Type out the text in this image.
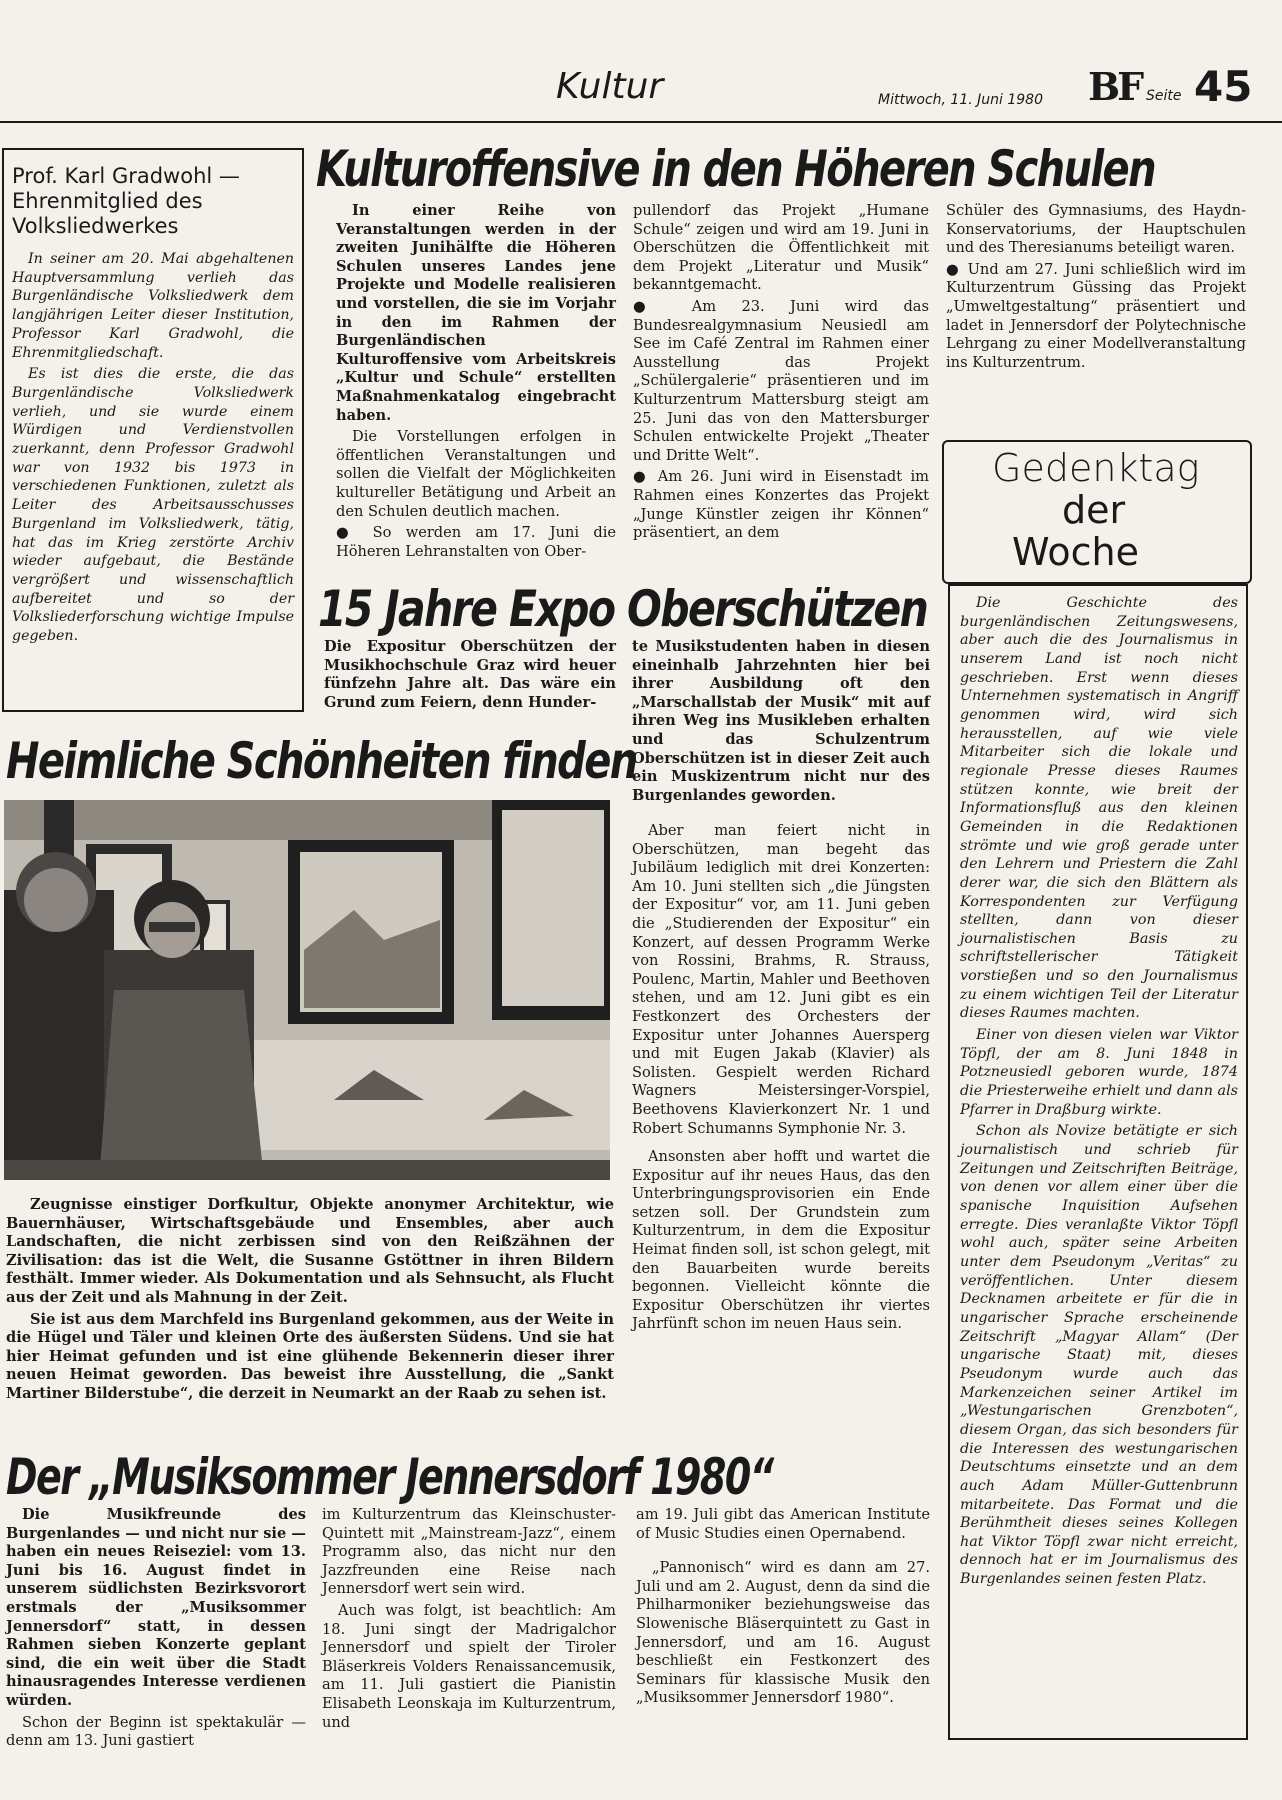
Kultur	Mittwoch, 11. Juni 1980 BF Seite 45
Prof. Karl Gradwohl — Ehrenmitglied des Volksliedwerkes

In seiner am 20. Mai abgehaltenen Hauptversammlung verlieh das Burgenländische Volksliedwerk dem langjährigen Leiter dieser Institution, Professor Karl Gradwohl, die Ehrenmitgliedschaft.

Es ist dies die erste, die das Burgenländische Volksliedwerk verlieh, und sie wurde einem Würdigen und Verdienstvollen zuerkannt, denn Professor Gradwohl war von 1932 bis 1973 in verschiedenen Funktionen, zuletzt als Leiter des Arbeitsausschusses Burgenland im Volksliedwerk, tätig, hat das im Krieg zerstörte Archiv wieder aufgebaut, die Bestände vergrößert und wissenschaftlich aufbereitet und so der Volksliederforschung wichtige Impulse gegeben.

Kulturoffensive in den Höheren Schulen

In einer Reihe von Veranstaltungen werden in der zweiten Junihälfte die Höheren Schulen unseres Landes jene Projekte und Modelle realisieren und vorstellen, die sie im Vorjahr in den im Rahmen der Burgenländischen Kulturoffensive vom Arbeitskreis „Kultur und Schule“ erstellten Maßnahmenkatalog eingebracht haben.

Die Vorstellungen erfolgen in öffentlichen Veranstaltungen und sollen die Vielfalt der Möglichkeiten kultureller Betätigung und Arbeit an den Schulen deutlich machen.

● So werden am 17. Juni die Höheren Lehranstalten von Ober-

pullendorf das Projekt „Humane Schule“ zeigen und wird am 19. Juni in Oberschützen die Öffentlichkeit mit dem Projekt „Literatur und Musik“ bekanntgemacht.

● Am 23. Juni wird das Bundesrealgymnasium Neusiedl am See im Café Zentral im Rahmen einer Ausstellung das Projekt „Schülergalerie“ präsentieren und im Kulturzentrum Mattersburg steigt am 25. Juni das von den Mattersburger Schulen entwickelte Projekt „Theater und Dritte Welt“.

● Am 26. Juni wird in Eisenstadt im Rahmen eines Konzertes das Projekt „Junge Künstler zeigen ihr Können“ präsentiert, an dem

Schüler des Gymnasiums, des Haydn-Konservatoriums, der Hauptschulen und des Theresianums beteiligt waren.

● Und am 27. Juni schließlich wird im Kulturzentrum Güssing das Projekt „Umweltgestaltung“ präsentiert und ladet in Jennersdorf der Polytechnische Lehrgang zu einer Modellveranstaltung ins Kulturzentrum.

Gedenktag
der
Woche

Die Geschichte des burgenländischen Zeitungswesens, aber auch die des Journalismus in unserem Land ist noch nicht geschrieben. Erst wenn dieses Unternehmen systematisch in Angriff genommen wird, wird sich herausstellen, auf wie viele Mitarbeiter sich die lokale und regionale Presse dieses Raumes stützen konnte, wie breit der Informationsfluß aus den kleinen Gemeinden in die Redaktionen strömte und wie groß gerade unter den Lehrern und Priestern die Zahl derer war, die sich den Blättern als Korrespondenten zur Verfügung stellten, dann von dieser journalistischen Basis zu schriftstellerischer Tätigkeit vorstießen und so den Journalismus zu einem wichtigen Teil der Literatur dieses Raumes machten.

Einer von diesen vielen war Viktor Töpfl, der am 8. Juni 1848 in Potzneusiedl geboren wurde, 1874 die Priesterweihe erhielt und dann als Pfarrer in Draßburg wirkte.

Schon als Novize betätigte er sich journalistisch und schrieb für Zeitungen und Zeitschriften Beiträge, von denen vor allem einer über die spanische Inquisition Aufsehen erregte. Dies veranlaßte Viktor Töpfl wohl auch, später seine Arbeiten unter dem Pseudonym „Veritas“ zu veröffentlichen. Unter diesem Decknamen arbeitete er für die in ungarischer Sprache erscheinende Zeitschrift „Magyar Allam“ (Der ungarische Staat) mit, dieses Pseudonym wurde auch das Markenzeichen seiner Artikel im „Westungarischen Grenzboten“, diesem Organ, das sich besonders für die Interessen des westungarischen Deutschtums einsetzte und an dem auch Adam Müller-Guttenbrunn mitarbeitete. Das Format und die Berühmtheit dieses seines Kollegen hat Viktor Töpfl zwar nicht erreicht, dennoch hat er im Journalismus des Burgenlandes seinen festen Platz.

15 Jahre Expo Oberschützen
Die Expositur Oberschützen der Musikhochschule Graz wird heuer fünfzehn Jahre alt. Das wäre ein Grund zum Feiern, denn Hunder-
te Musikstudenten haben in diesen eineinhalb Jahrzehnten hier bei ihrer Ausbildung oft den „Marschallstab der Musik“ mit auf ihren Weg ins Musikleben erhalten und das Schulzentrum Oberschützen ist in dieser Zeit auch ein Muskizentrum nicht nur des Burgenlandes geworden.

Aber man feiert nicht in Oberschützen, man begeht das Jubiläum lediglich mit drei Konzerten: Am 10. Juni stellten sich „die Jüngsten der Expositur“ vor, am 11. Juni geben die „Studierenden der Expositur“ ein Konzert, auf dessen Programm Werke von Rossini, Brahms, R. Strauss, Poulenc, Martin, Mahler und Beethoven stehen, und am 12. Juni gibt es ein Festkonzert des Orchesters der Expositur unter Johannes Auersperg und mit Eugen Jakab (Klavier) als Solisten. Gespielt werden Richard Wagners Meistersinger-Vorspiel, Beethovens Klavierkonzert Nr. 1 und Robert Schumanns Symphonie Nr. 3.

Ansonsten aber hofft und wartet die Expositur auf ihr neues Haus, das den Unterbringungsprovisorien ein Ende setzen soll. Der Grundstein zum Kulturzentrum, in dem die Expositur Heimat finden soll, ist schon gelegt, mit den Bauarbeiten wurde bereits begonnen. Vielleicht könnte die Expositur Oberschützen ihr viertes Jahrfünft schon im neuen Haus sein.

Heimliche Schönheiten finden

Zeugnisse einstiger Dorfkultur, Objekte anonymer Architektur, wie Bauernhäuser, Wirtschaftsgebäude und Ensembles, aber auch Landschaften, die nicht zerbissen sind von den Reißzähnen der Zivilisation: das ist die Welt, die Susanne Gstöttner in ihren Bildern festhält. Immer wieder. Als Dokumentation und als Sehnsucht, als Flucht aus der Zeit und als Mahnung in der Zeit.

Sie ist aus dem Marchfeld ins Burgenland gekommen, aus der Weite in die Hügel und Täler und kleinen Orte des äußersten Südens. Und sie hat hier Heimat gefunden und ist eine glühende Bekennerin dieser ihrer neuen Heimat geworden. Das beweist ihre Ausstellung, die „Sankt Martiner Bilderstube“, die derzeit in Neumarkt an der Raab zu sehen ist.

Der „Musiksommer Jennersdorf 1980“

Die Musikfreunde des Burgenlandes — und nicht nur sie — haben ein neues Reiseziel: vom 13. Juni bis 16. August findet in unserem südlichsten Bezirksvorort erstmals der „Musiksommer Jennersdorf“ statt, in dessen Rahmen sieben Konzerte geplant sind, die ein weit über die Stadt hinausragendes Interesse verdienen würden.

Schon der Beginn ist spektakulär — denn am 13. Juni gastiert

im Kulturzentrum das Kleinschuster-Quintett mit „Mainstream-Jazz“, einem Programm also, das nicht nur den Jazzfreunden eine Reise nach Jennersdorf wert sein wird.

Auch was folgt, ist beachtlich: Am 18. Juni singt der Madrigalchor Jennersdorf und spielt der Tiroler Bläserkreis Volders Renaissancemusik, am 11. Juli gastiert die Pianistin Elisabeth Leonskaja im Kulturzentrum, und

am 19. Juli gibt das American Institute of Music Studies einen Opernabend.

„Pannonisch“ wird es dann am 27. Juli und am 2. August, denn da sind die Philharmoniker beziehungsweise das Slowenische Bläserquintett zu Gast in Jennersdorf, und am 16. August beschließt ein Festkonzert des Seminars für klassische Musik den „Musiksommer Jennersdorf 1980“.
